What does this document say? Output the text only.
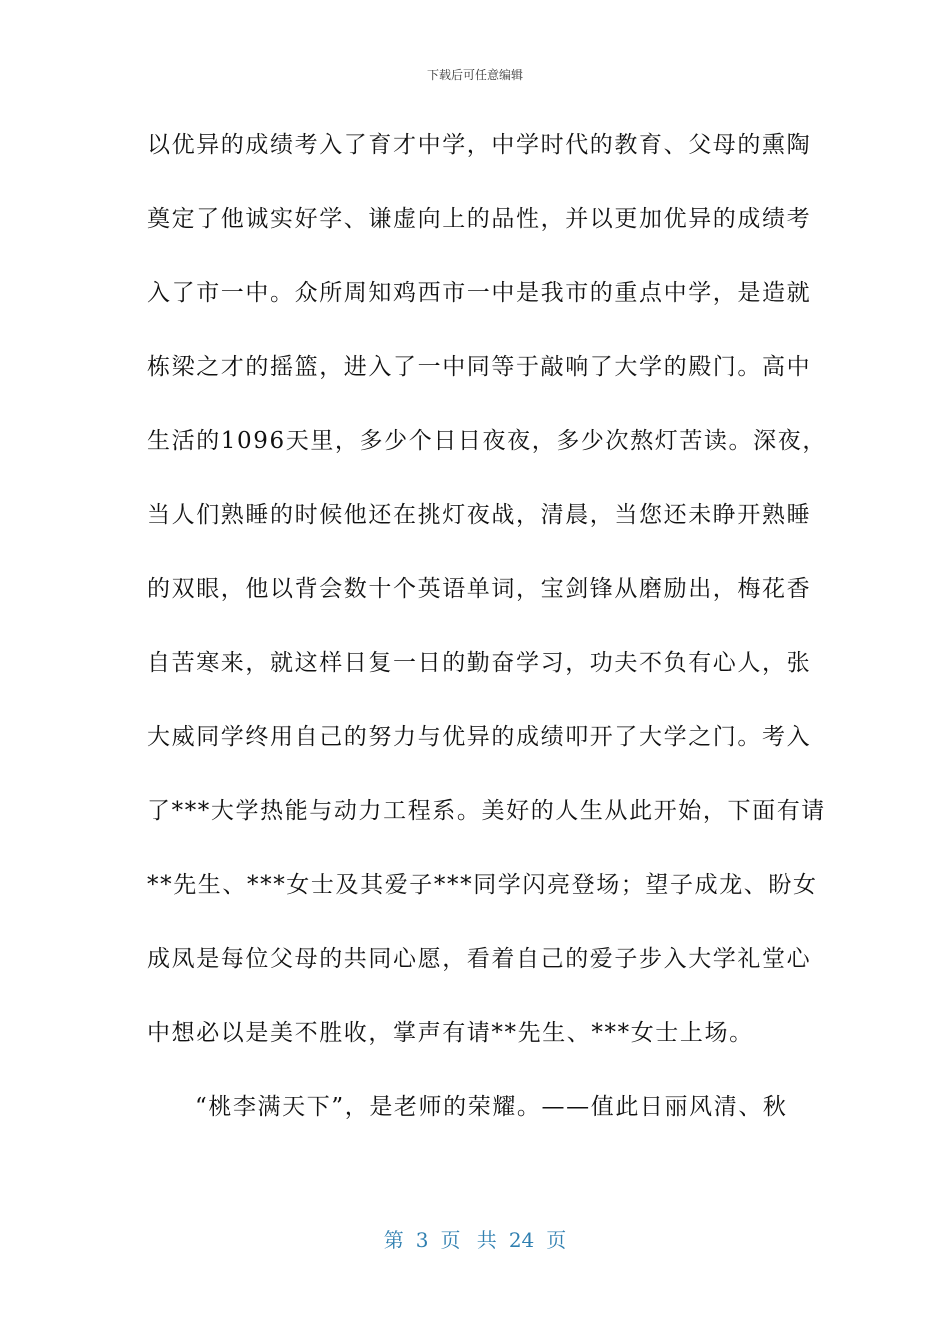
下载后可任意编辑
以优异的成绩考入了育才中学，中学时代的教育、父母的熏陶
奠定了他诚实好学、谦虚向上的品性，并以更加优异的成绩考
入了市一中。众所周知鸡西市一中是我市的重点中学，是造就
栋梁之才的摇篮，进入了一中同等于敲响了大学的殿门。高中
生活的1096天里，多少个日日夜夜，多少次熬灯苦读。深夜，
当人们熟睡的时候他还在挑灯夜战，清晨，当您还未睁开熟睡
的双眼，他以背会数十个英语单词，宝剑锋从磨励出，梅花香
自苦寒来，就这样日复一日的勤奋学习，功夫不负有心人，张
大威同学终用自己的努力与优异的成绩叩开了大学之门。考入
了***大学热能与动力工程系。美好的人生从此开始，下面有请
**先生、***女士及其爱子***同学闪亮登场；望子成龙、盼女
成凤是每位父母的共同心愿，看着自己的爱子步入大学礼堂心
中想必以是美不胜收，掌声有请**先生、***女士上场。
“桃李满天下”，是老师的荣耀。——值此日丽风清、秋
第 3 页 共 24 页
